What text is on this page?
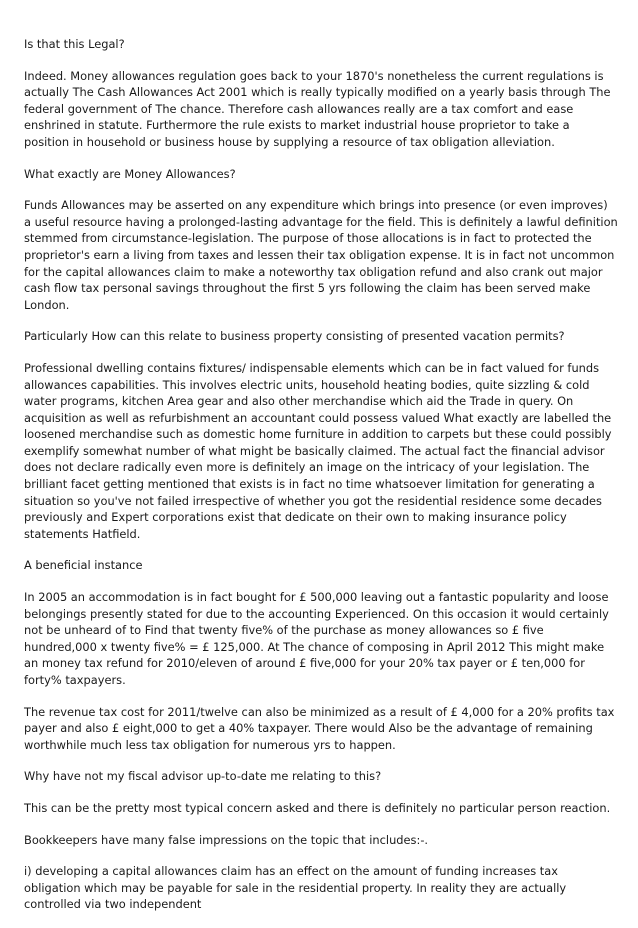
Is that this Legal?

Indeed. Money allowances regulation goes back to your 1870's nonetheless the current regulations is actually The Cash Allowances Act 2001 which is really typically modified on a yearly basis through The federal government of The chance. Therefore cash allowances really are a tax comfort and ease enshrined in statute. Furthermore the rule exists to market industrial house proprietor to take a position in household or business house by supplying a resource of tax obligation alleviation.

What exactly are Money Allowances?

Funds Allowances may be asserted on any expenditure which brings into presence (or even improves) a useful resource having a prolonged-lasting advantage for the field. This is definitely a lawful definition stemmed from circumstance-legislation. The purpose of those allocations is in fact to protected the proprietor's earn a living from taxes and lessen their tax obligation expense. It is in fact not uncommon for the capital allowances claim to make a noteworthy tax obligation refund and also crank out major cash flow tax personal savings throughout the first 5 yrs following the claim has been served make London.

Particularly How can this relate to business property consisting of presented vacation permits?

Professional dwelling contains fixtures/ indispensable elements which can be in fact valued for funds allowances capabilities. This involves electric units, household heating bodies, quite sizzling & cold water programs, kitchen Area gear and also other merchandise which aid the Trade in query. On acquisition as well as refurbishment an accountant could possess valued What exactly are labelled the loosened merchandise such as domestic home furniture in addition to carpets but these could possibly exemplify somewhat number of what might be basically claimed. The actual fact the financial advisor does not declare radically even more is definitely an image on the intricacy of your legislation. The brilliant facet getting mentioned that exists is in fact no time whatsoever limitation for generating a situation so you've not failed irrespective of whether you got the residential residence some decades previously and Expert corporations exist that dedicate on their own to making insurance policy statements Hatfield.

A beneficial instance

In 2005 an accommodation is in fact bought for £ 500,000 leaving out a fantastic popularity and loose belongings presently stated for due to the accounting Experienced. On this occasion it would certainly not be unheard of to Find that twenty five% of the purchase as money allowances so £ five hundred,000 x twenty five% = £ 125,000. At The chance of composing in April 2012 This might make an money tax refund for 2010/eleven of around £ five,000 for your 20% tax payer or £ ten,000 for forty% taxpayers.

The revenue tax cost for 2011/twelve can also be minimized as a result of £ 4,000 for a 20% profits tax payer and also £ eight,000 to get a 40% taxpayer. There would Also be the advantage of remaining worthwhile much less tax obligation for numerous yrs to happen.

Why have not my fiscal advisor up-to-date me relating to this?

This can be the pretty most typical concern asked and there is definitely no particular person reaction.

Bookkeepers have many false impressions on the topic that includes:-.

i) developing a capital allowances claim has an effect on the amount of funding increases tax obligation which may be payable for sale in the residential property. In reality they are actually controlled via two independent
